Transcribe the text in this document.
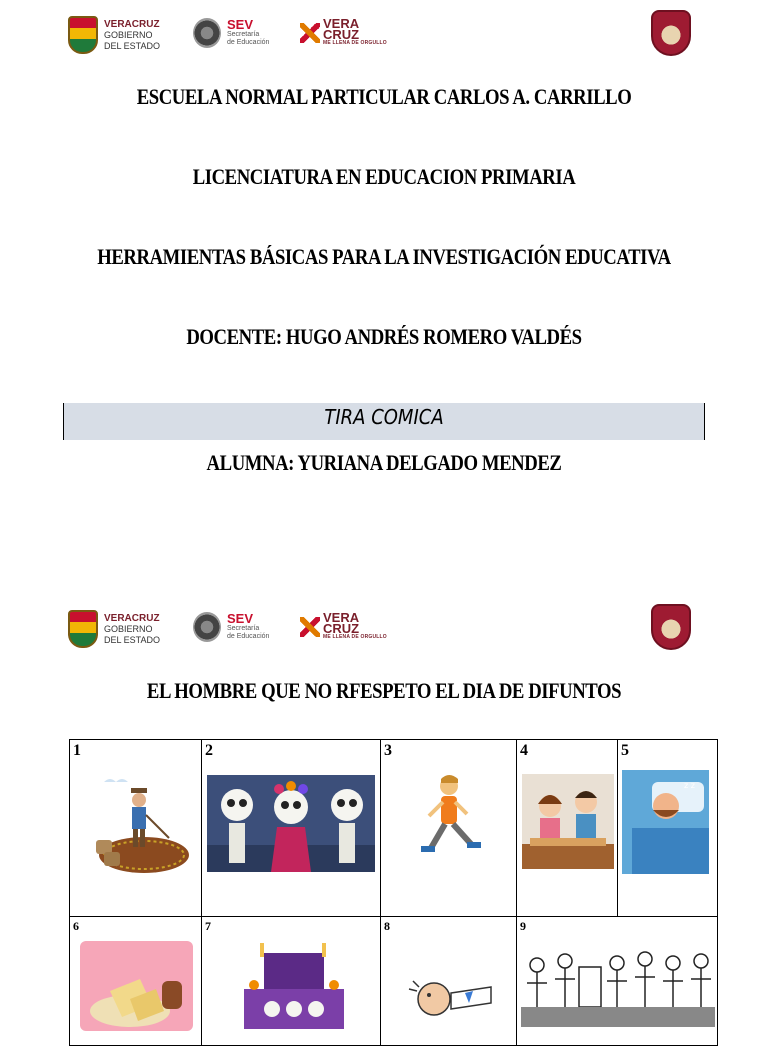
VERACRUZ
GOBIERNO
DEL ESTADO
SEV
Secretaría
de Educación
VERA
CRUZ
ME LLENA DE ORGULLO
ESCUELA NORMAL PARTICULAR CARLOS A. CARRILLO
LICENCIATURA EN EDUCACION PRIMARIA
HERRAMIENTAS BÁSICAS PARA LA INVESTIGACIÓN EDUCATIVA
DOCENTE: HUGO ANDRÉS ROMERO VALDÉS
TIRA COMICA
ALUMNA: YURIANA DELGADO MENDEZ
VERACRUZ
GOBIERNO
DEL ESTADO
SEV
Secretaría
de Educación
VERA
CRUZ
ME LLENA DE ORGULLO
EL HOMBRE QUE NO RFESPETO EL DIA DE DIFUNTOS
1	2	3	4	5
z z
6	7	8	9
